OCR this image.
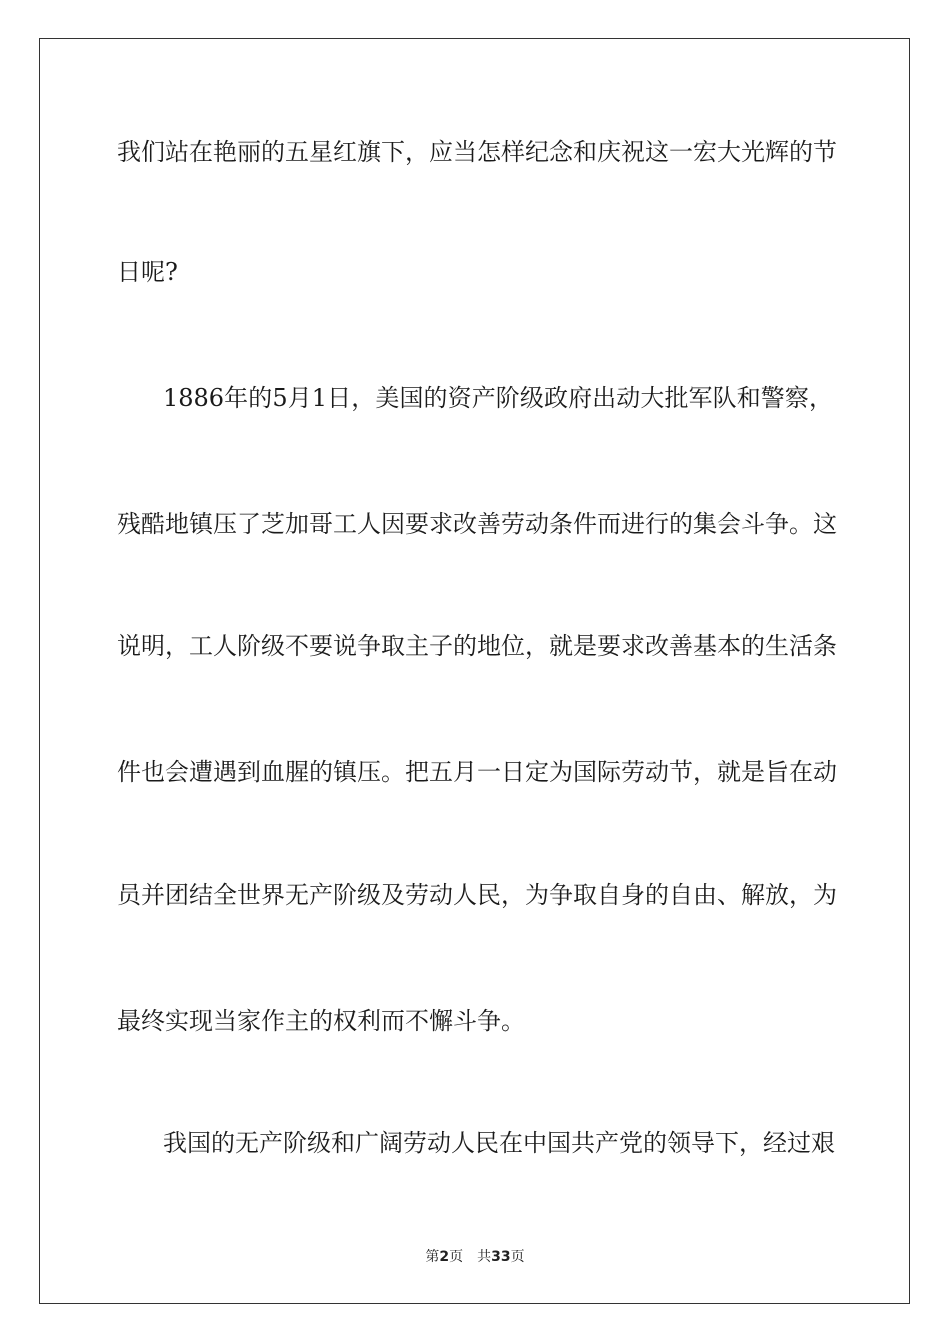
我们站在艳丽的五星红旗下，应当怎样纪念和庆祝这一宏大光辉的节
日呢?
1886年的5月1日，美国的资产阶级政府出动大批军队和警察，
残酷地镇压了芝加哥工人因要求改善劳动条件而进行的集会斗争。这
说明，工人阶级不要说争取主子的地位，就是要求改善基本的生活条
件也会遭遇到血腥的镇压。把五月一日定为国际劳动节，就是旨在动
员并团结全世界无产阶级及劳动人民，为争取自身的自由、解放，为
最终实现当家作主的权利而不懈斗争。
我国的无产阶级和广阔劳动人民在中国共产党的领导下，经过艰
第2页 共33页
